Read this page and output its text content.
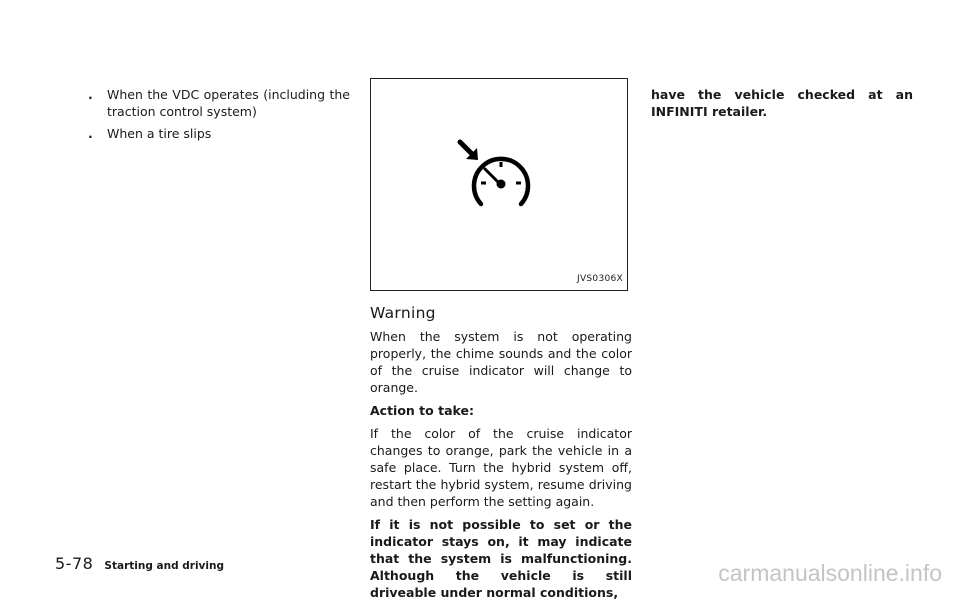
. When the VDC operates (including the traction control system)
. When a tire slips
JVS0306X
Warning

When the system is not operating properly, the chime sounds and the color of the cruise indicator will change to orange.

Action to take:

If the color of the cruise indicator changes to orange, park the vehicle in a safe place. Turn the hybrid system off, restart the hybrid system, resume driving and then perform the setting again.

If it is not possible to set or the indicator stays on, it may indicate that the system is malfunctioning. Although the vehicle is still driveable under normal conditions,

have the vehicle checked at an INFINITI retailer.

5-78 Starting and driving	carmanualsonline.info
